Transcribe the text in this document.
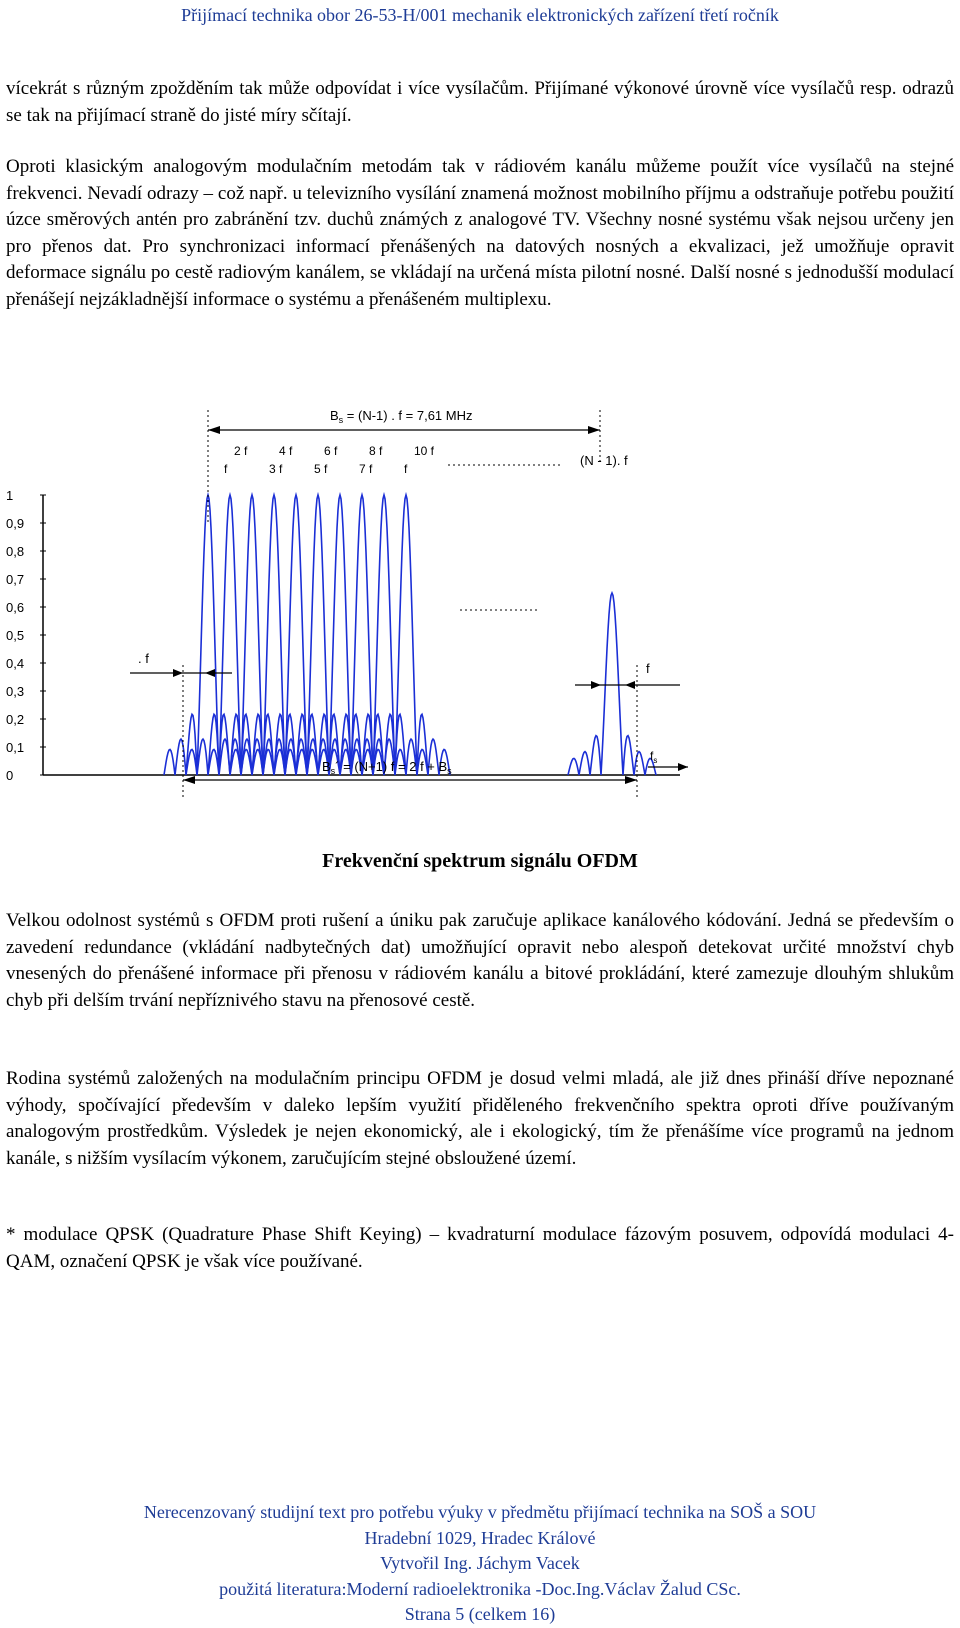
Přijímací technika obor 26-53-H/001 mechanik elektronických zařízení třetí ročník

vícekrát s různým zpožděním tak může odpovídat i více vysílačům. Přijímané výkonové úrovně více vysílačů resp. odrazů se tak na přijímací straně do jisté míry sčítají.

Oproti klasickým analogovým modulačním metodám tak v rádiovém kanálu můžeme použít více vysílačů na stejné frekvenci. Nevadí odrazy – což např. u televizního vysílání znamená možnost mobilního příjmu a odstraňuje potřebu použití úzce směrových antén pro zabránění tzv. duchů známých z analogové TV. Všechny nosné systému však nejsou určeny jen pro přenos dat. Pro synchronizaci informací přenášených na datových nosných a ekvalizaci, jež umožňuje opravit deformace signálu po cestě radiovým kanálem, se vkládají na určená místa pilotní nosné. Další nosné s jednodušší modulací přenášejí nejzákladnější informace o systému a přenášeném multiplexu.

1
0,9
0,8
0,7
0,6
0,5
0,4
0,3
0,2
0,1
0
$B_s = (N-1)$ . f = 7,61 MHz
2 f	4 f	6 f	8 f	10 f
f	3 f	5 f	7 f	f
(N - 1). f
. f
f
$B_s´ = (N+1) f = 2$ $f + B_s$
$f_s$
Frekvenční spektrum signálu OFDM

Velkou odolnost systémů s OFDM proti rušení a úniku pak zaručuje aplikace kanálového kódování. Jedná se především o zavedení redundance (vkládání nadbytečných dat) umožňující opravit nebo alespoň detekovat určité množství chyb vnesených do přenášené informace při přenosu v rádiovém kanálu a bitové prokládání, které zamezuje dlouhým shlukům chyb při delším trvání nepříznivého stavu na přenosové cestě.

Rodina systémů založených na modulačním principu OFDM je dosud velmi mladá, ale již dnes přináší dříve nepoznané výhody, spočívající především v daleko lepším využití přiděleného frekvenčního spektra oproti dříve používaným analogovým prostředkům. Výsledek je nejen ekonomický, ale i ekologický, tím že přenášíme více programů na jednom kanále, s nižším vysílacím výkonem, zaručujícím stejné obsloužené území.

* modulace QPSK (Quadrature Phase Shift Keying) – kvadraturní modulace fázovým posuvem, odpovídá modulaci 4-QAM, označení QPSK je však více používané.

Nerecenzovaný studijní text pro potřebu výuky v předmětu přijímací technika na SOŠ a SOU
Hradební 1029, Hradec Králové
Vytvořil Ing. Jáchym Vacek
použitá literatura:Moderní radioelektronika -Doc.Ing.Václav Žalud CSc.
Strana 5 (celkem 16)
